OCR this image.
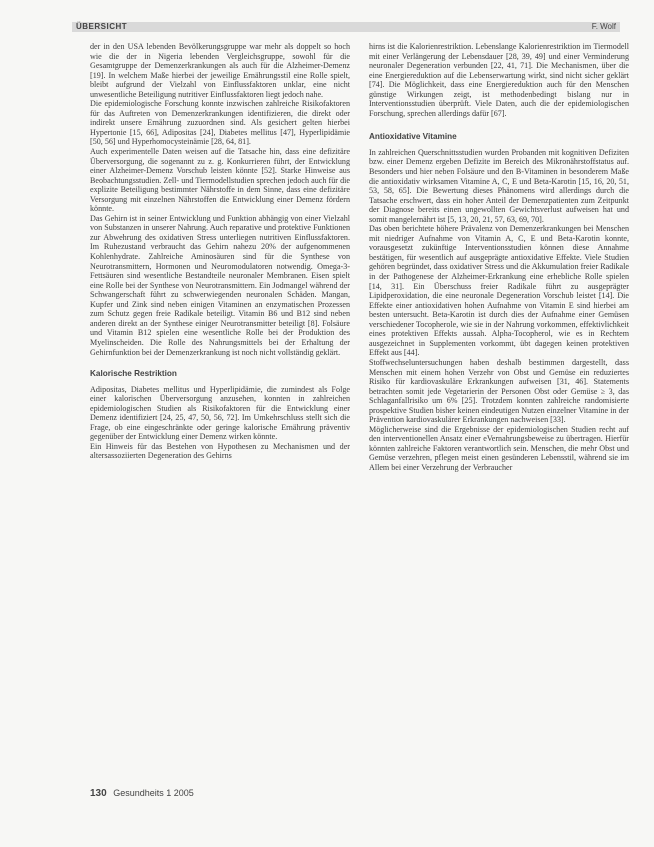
ÜBERSICHT	F. Wolf

der in den USA lebenden Bevölkerungsgruppe war mehr als doppelt so hoch wie die der in Nigeria lebenden Vergleichsgruppe, sowohl für die Gesamtgruppe der Demenzerkrankungen als auch für die Alzheimer-Demenz [19]. In welchem Maße hierbei der jeweilige Ernährungsstil eine Rolle spielt, bleibt aufgrund der Vielzahl von Einflussfaktoren unklar, eine nicht unwesentliche Beteiligung nutritiver Einflussfaktoren liegt jedoch nahe.

Die epidemiologische Forschung konnte inzwischen zahlreiche Risikofaktoren für das Auftreten von Demenzerkrankungen identifizieren, die direkt oder indirekt unsere Ernährung zuzuordnen sind. Als gesichert gelten hierbei Hypertonie [15, 66], Adipositas [24], Diabetes mellitus [47], Hyperlipidämie [50, 56] und Hyperhomocysteinämie [28, 64, 81].

Auch experimentelle Daten weisen auf die Tatsache hin, dass eine defizitäre Überversorgung, die sogenannt zu z. g. Konkurrieren führt, der Entwicklung einer Alzheimer-Demenz Vorschub leisten könnte [52]. Starke Hinweise aus Beobachtungsstudien. Zell- und Tiermodellstudien sprechen jedoch auch für die explizite Beteiligung bestimmter Nährstoffe in dem Sinne, dass eine defizitäre Versorgung mit einzelnen Nährstoffen die Entwicklung einer Demenz fördern könnte.

Das Gehirn ist in seiner Entwicklung und Funktion abhängig von einer Vielzahl von Substanzen in unserer Nahrung. Auch reparative und protektive Funktionen zur Abwehrung des oxidativen Stress unterliegen nutritiven Einflussfaktoren. Im Ruhezustand verbraucht das Gehirn nahezu 20% der aufgenommenen Kohlenhydrate. Zahlreiche Aminosäuren sind für die Synthese von Neurotransmittern, Hormonen und Neuromodulatoren notwendig. Omega-3-Fettsäuren sind wesentliche Bestandteile neuronaler Membranen. Eisen spielt eine Rolle bei der Synthese von Neurotransmittern. Ein Jodmangel während der Schwangerschaft führt zu schwerwiegenden neuronalen Schäden. Mangan, Kupfer und Zink sind neben einigen Vitaminen an enzymatischen Prozessen zum Schutz gegen freie Radikale beteiligt. Vitamin B6 und B12 sind neben anderen direkt an der Synthese einiger Neurotransmitter beteiligt [8]. Folsäure und Vitamin B12 spielen eine wesentliche Rolle bei der Produktion des Myelinscheiden. Die Rolle des Nahrungsmittels bei der Erhaltung der Gehirnfunktion bei der Demenzerkrankung ist noch nicht vollständig geklärt.

Kalorische Restriktion

Adipositas, Diabetes mellitus und Hyperlipidämie, die zumindest als Folge einer kalorischen Überversorgung anzusehen, konnten in zahlreichen epidemiologischen Studien als Risikofaktoren für die Entwicklung einer Demenz identifiziert [24, 25, 47, 50, 56, 72]. Im Umkehrschluss stellt sich die Frage, ob eine eingeschränkte oder geringe kalorische Ernährung präventiv gegenüber der Entwicklung einer Demenz wirken könnte.

Ein Hinweis für das Bestehen von Hypothesen zu Mechanismen und der altersassoziierten Degeneration des Gehirns

hirns ist die Kalorienrestriktion. Lebenslange Kalorienrestriktion im Tiermodell mit einer Verlängerung der Lebensdauer [28, 39, 49] und einer Verminderung neuronaler Degeneration verbunden [22, 41, 71]. Die Mechanismen, über die eine Energiereduktion auf die Lebenserwartung wirkt, sind nicht sicher geklärt [74]. Die Möglichkeit, dass eine Energiereduktion auch für den Menschen günstige Wirkungen zeigt, ist methodenbedingt bislang nur in Interventionsstudien überprüft. Viele Daten, auch die der epidemiologischen Forschung, sprechen allerdings dafür [67].

Antioxidative Vitamine

In zahlreichen Querschnittsstudien wurden Probanden mit kognitiven Defiziten bzw. einer Demenz ergeben Defizite im Bereich des Mikronährstoffstatus auf. Besonders und hier neben Folsäure und den B-Vitaminen in besonderem Maße die antioxidativ wirksamen Vitamine A, C, E und Beta-Karotin [15, 16, 20, 51, 53, 58, 65]. Die Bewertung dieses Phänomens wird allerdings durch die Tatsache erschwert, dass ein hoher Anteil der Demenzpatienten zum Zeitpunkt der Diagnose bereits einen ungewollten Gewichtsverlust aufweisen hat und somit mangelernährt ist [5, 13, 20, 21, 57, 63, 69, 70].

Das oben berichtete höhere Prävalenz von Demenzerkrankungen bei Menschen mit niedriger Aufnahme von Vitamin A, C, E und Beta-Karotin konnte, vorausgesetzt zukünftige Interventionsstudien können diese Annahme bestätigen, für wesentlich auf ausgeprägte antioxidative Effekte. Viele Studien gehören begründet, dass oxidativer Stress und die Akkumulation freier Radikale in der Pathogenese der Alzheimer-Erkrankung eine erhebliche Rolle spielen [14, 31]. Ein Überschuss freier Radikale führt zu ausgeprägter Lipidperoxidation, die eine neuronale Degeneration Vorschub leistet [14]. Die Effekte einer antioxidativen hohen Aufnahme von Vitamin E sind hierbei am besten untersucht. Beta-Karotin ist durch dies der Aufnahme einer Gemüsen verschiedener Tocopherole, wie sie in der Nahrung vorkommen, effektivlichkeit eines protektiven Effekts aussah. Alpha-Tocopherol, wie es in Rechtem ausgezeichnet in Supplementen vorkommt, übt dagegen keinen protektiven Effekt aus [44].

Stoffwechseluntersuchungen haben deshalb bestimmen dargestellt, dass Menschen mit einem hohen Verzehr von Obst und Gemüse ein reduziertes Risiko für kardiovaskuläre Erkrankungen aufweisen [31, 46]. Statements betrachten somit jede Vegetarierin der Personen Obst oder Gemüse ≥ 3, das Schlaganfallrisiko um 6% [25]. Trotzdem konnten zahlreiche randomisierte prospektive Studien bisher keinen eindeutigen Nutzen einzelner Vitamine in der Prävention kardiovaskulärer Erkrankungen nachweisen [33].

Möglicherweise sind die Ergebnisse der epidemiologischen Studien recht auf den interventionellen Ansatz einer eVernahrungsbeweise zu übertragen. Hierfür könnten zahlreiche Faktoren verantwortlich sein. Menschen, die mehr Obst und Gemüse verzehren, pflegen meist einen gesünderen Lebensstil, während sie im Allem bei einer Verzehrung der Verbraucher

130 Gesundheits 1 2005
